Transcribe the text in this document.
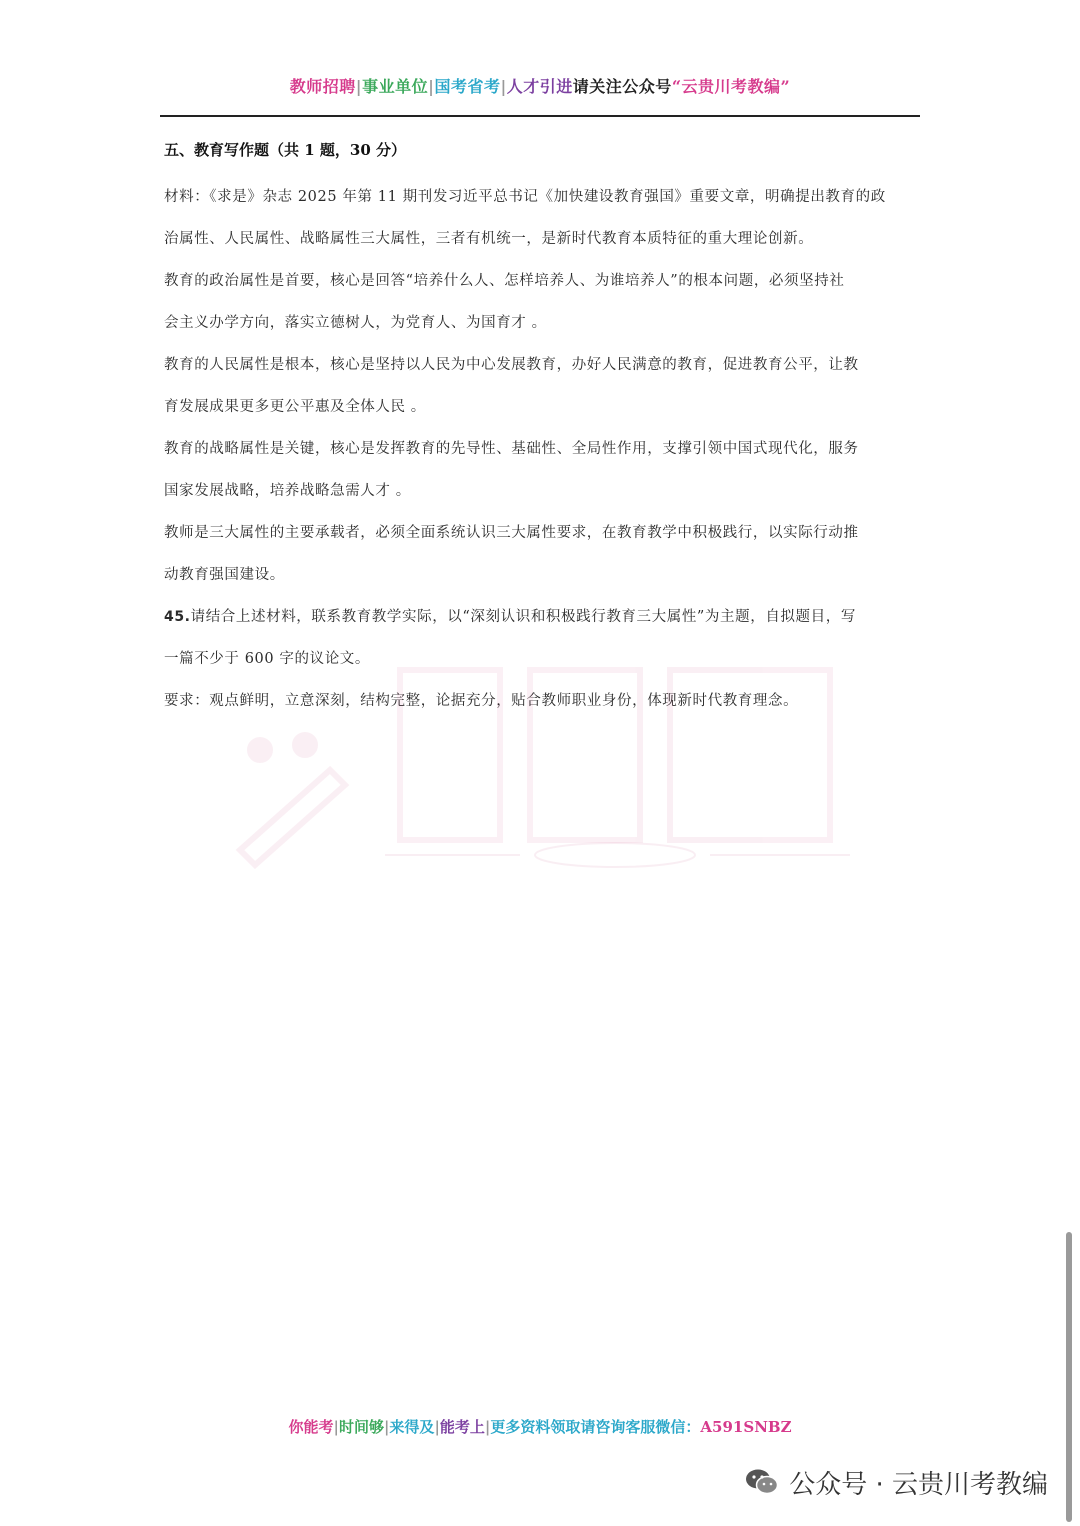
教师招聘|事业单位|国考省考|人才引进请关注公众号“云贵川考教编”

五、教育写作题（共 1 题，30 分）

材料：《求是》杂志 2025 年第 11 期刊发习近平总书记《加快建设教育强国》重要文章，明确提出教育的政

治属性、人民属性、战略属性三大属性，三者有机统一，是新时代教育本质特征的重大理论创新。

教育的政治属性是首要，核心是回答“培养什么人、怎样培养人、为谁培养人”的根本问题，必须坚持社

会主义办学方向，落实立德树人，为党育人、为国育才 。

教育的人民属性是根本，核心是坚持以人民为中心发展教育，办好人民满意的教育，促进教育公平，让教

育发展成果更多更公平惠及全体人民 。

教育的战略属性是关键，核心是发挥教育的先导性、基础性、全局性作用，支撑引领中国式现代化，服务

国家发展战略，培养战略急需人才 。

教师是三大属性的主要承载者，必须全面系统认识三大属性要求，在教育教学中积极践行，以实际行动推

动教育强国建设。

45.请结合上述材料，联系教育教学实际，以“深刻认识和积极践行教育三大属性”为主题，自拟题目，写

一篇不少于 600 字的议论文。

要求：观点鲜明，立意深刻，结构完整，论据充分，贴合教师职业身份，体现新时代教育理念。

你能考|时间够|来得及|能考上|更多资料领取请咨询客服微信：A591SNBZ
公众号 · 云贵川考教编
